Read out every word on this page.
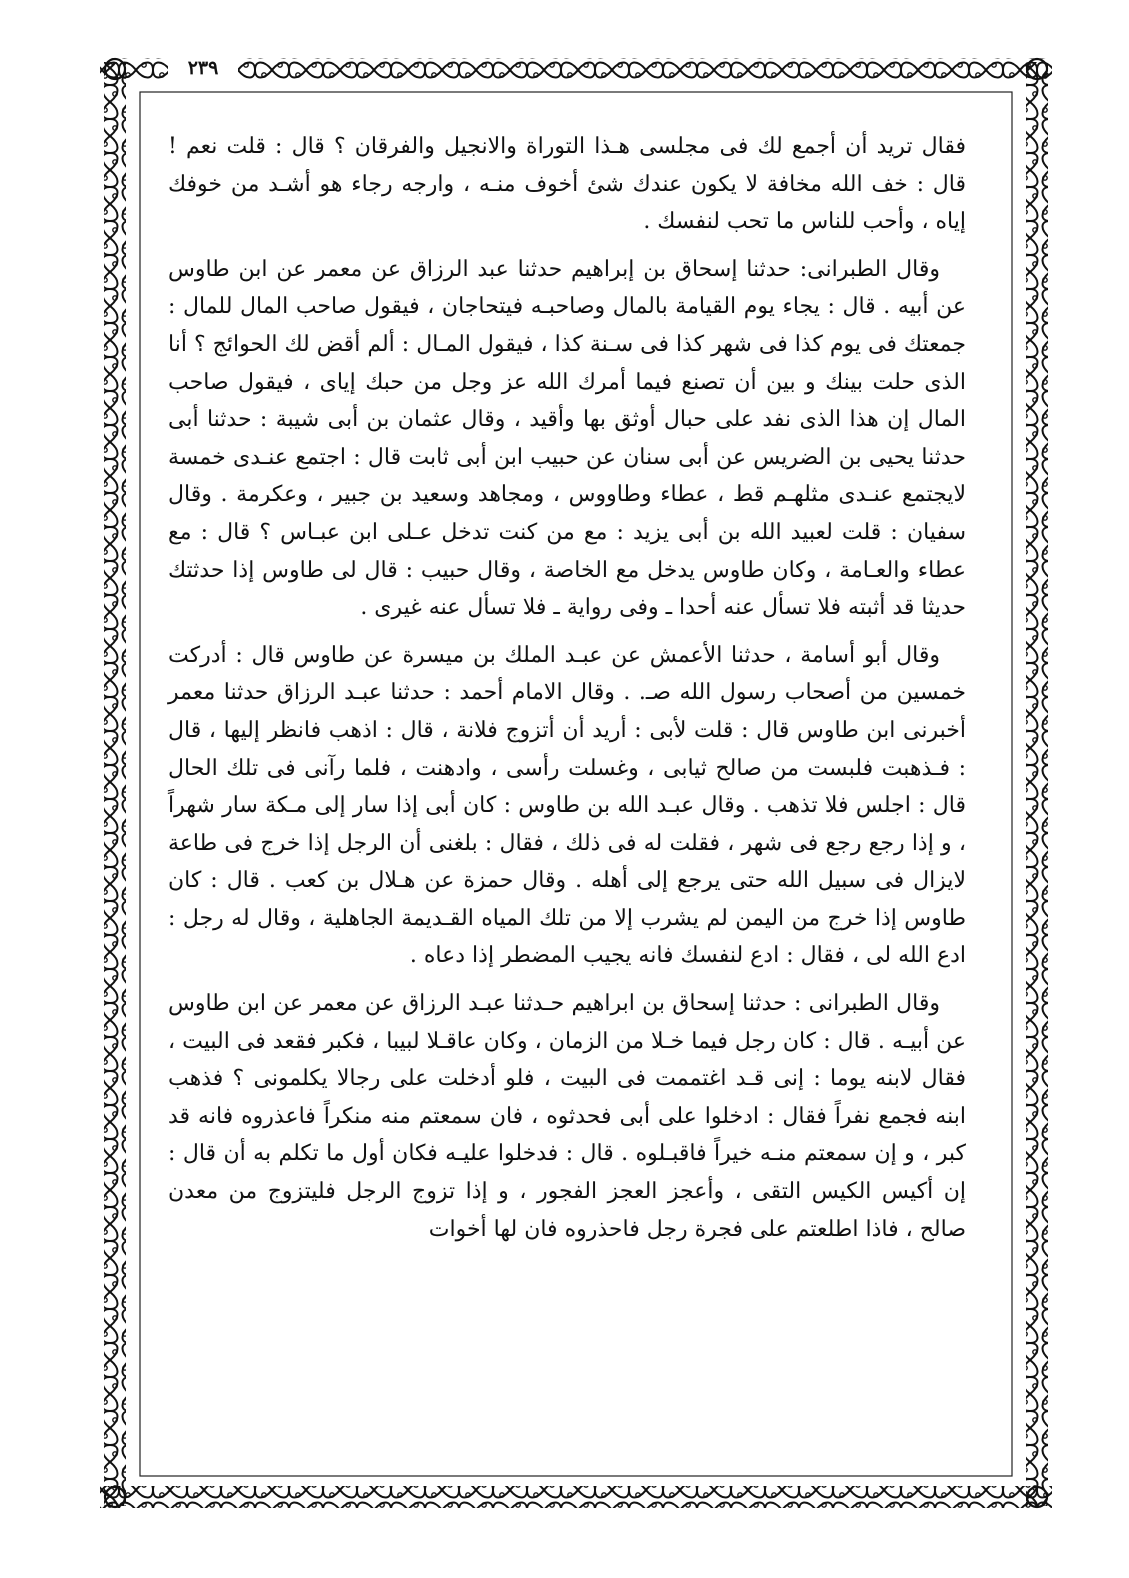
٢٣٩

فقال تريد أن أجمع لك فى مجلسى هـذا التوراة والانجيل والفرقان ؟ قال : قلت نعم ! قال : خف الله مخافة لا يكون عندك شئ أخوف منـه ، وارجه رجاء هو أشـد من خوفك إياه ، وأحب للناس ما تحب لنفسك .

وقال الطبرانى: حدثنا إسحاق بن إبراهيم حدثنا عبد الرزاق عن معمر عن ابن طاوس عن أبيه . قال : يجاء يوم القيامة بالمال وصاحبـه فيتحاجان ، فيقول صاحب المال للمال : جمعتك فى يوم كذا فى شهر كذا فى سـنة كذا ، فيقول المـال : ألم أقض لك الحوائج ؟ أنا الذى حلت بينك و بين أن تصنع فيما أمرك الله عز وجل من حبك إياى ، فيقول صاحب المال إن هذا الذى نفد على حبال أوثق بها وأقيد ، وقال عثمان بن أبى شيبة : حدثنا أبى حدثنا يحيى بن الضريس عن أبى سنان عن حبيب ابن أبى ثابت قال : اجتمع عنـدى خمسة لايجتمع عنـدى مثلهـم قط ، عطاء وطاووس ، ومجاهد وسعيد بن جبير ، وعكرمة . وقال سفيان : قلت لعبيد الله بن أبى يزيد : مع من كنت تدخل عـلى ابن عبـاس ؟ قال : مع عطاء والعـامة ، وكان طاوس يدخل مع الخاصة ، وقال حبيب : قال لى طاوس إذا حدثتك حديثا قد أثبته فلا تسأل عنه أحدا ـ وفى رواية ـ فلا تسأل عنه غيرى .

وقال أبو أسامة ، حدثنا الأعمش عن عبـد الملك بن ميسرة عن طاوس قال : أدركت خمسين من أصحاب رسول الله صـ. . وقال الامام أحمد : حدثنا عبـد الرزاق حدثنا معمر أخبرنى ابن طاوس قال : قلت لأبى : أريد أن أتزوج فلانة ، قال : اذهب فانظر إليها ، قال : فـذهبت فلبست من صالح ثيابى ، وغسلت رأسى ، وادهنت ، فلما رآنى فى تلك الحال قال : اجلس فلا تذهب . وقال عبـد الله بن طاوس : كان أبى إذا سار إلى مـكة سار شهراً ، و إذا رجع رجع فى شهر ، فقلت له فى ذلك ، فقال : بلغنى أن الرجل إذا خرج فى طاعة لايزال فى سبيل الله حتى يرجع إلى أهله . وقال حمزة عن هـلال بن كعب . قال : كان طاوس إذا خرج من اليمن لم يشرب إلا من تلك المياه القـديمة الجاهلية ، وقال له رجل : ادع الله لى ، فقال : ادع لنفسك فانه يجيب المضطر إذا دعاه .

وقال الطبرانى : حدثنا إسحاق بن ابراهيم حـدثنا عبـد الرزاق عن معمر عن ابن طاوس عن أبيـه . قال : كان رجل فيما خـلا من الزمان ، وكان عاقـلا لبيبا ، فكبر فقعد فى البيت ، فقال لابنه يوما : إنى قـد اغتممت فى البيت ، فلو أدخلت على رجالا يكلمونى ؟ فذهب ابنه فجمع نفراً فقال : ادخلوا على أبى فحدثوه ، فان سمعتم منه منكراً فاعذروه فانه قد كبر ، و إن سمعتم منـه خيراً فاقبـلوه . قال : فدخلوا عليـه فكان أول ما تكلم به أن قال : إن أكيس الكيس التقى ، وأعجز العجز الفجور ، و إذا تزوج الرجل فليتزوج من معدن صالح ، فاذا اطلعتم على فجرة رجل فاحذروه فان لها أخوات
